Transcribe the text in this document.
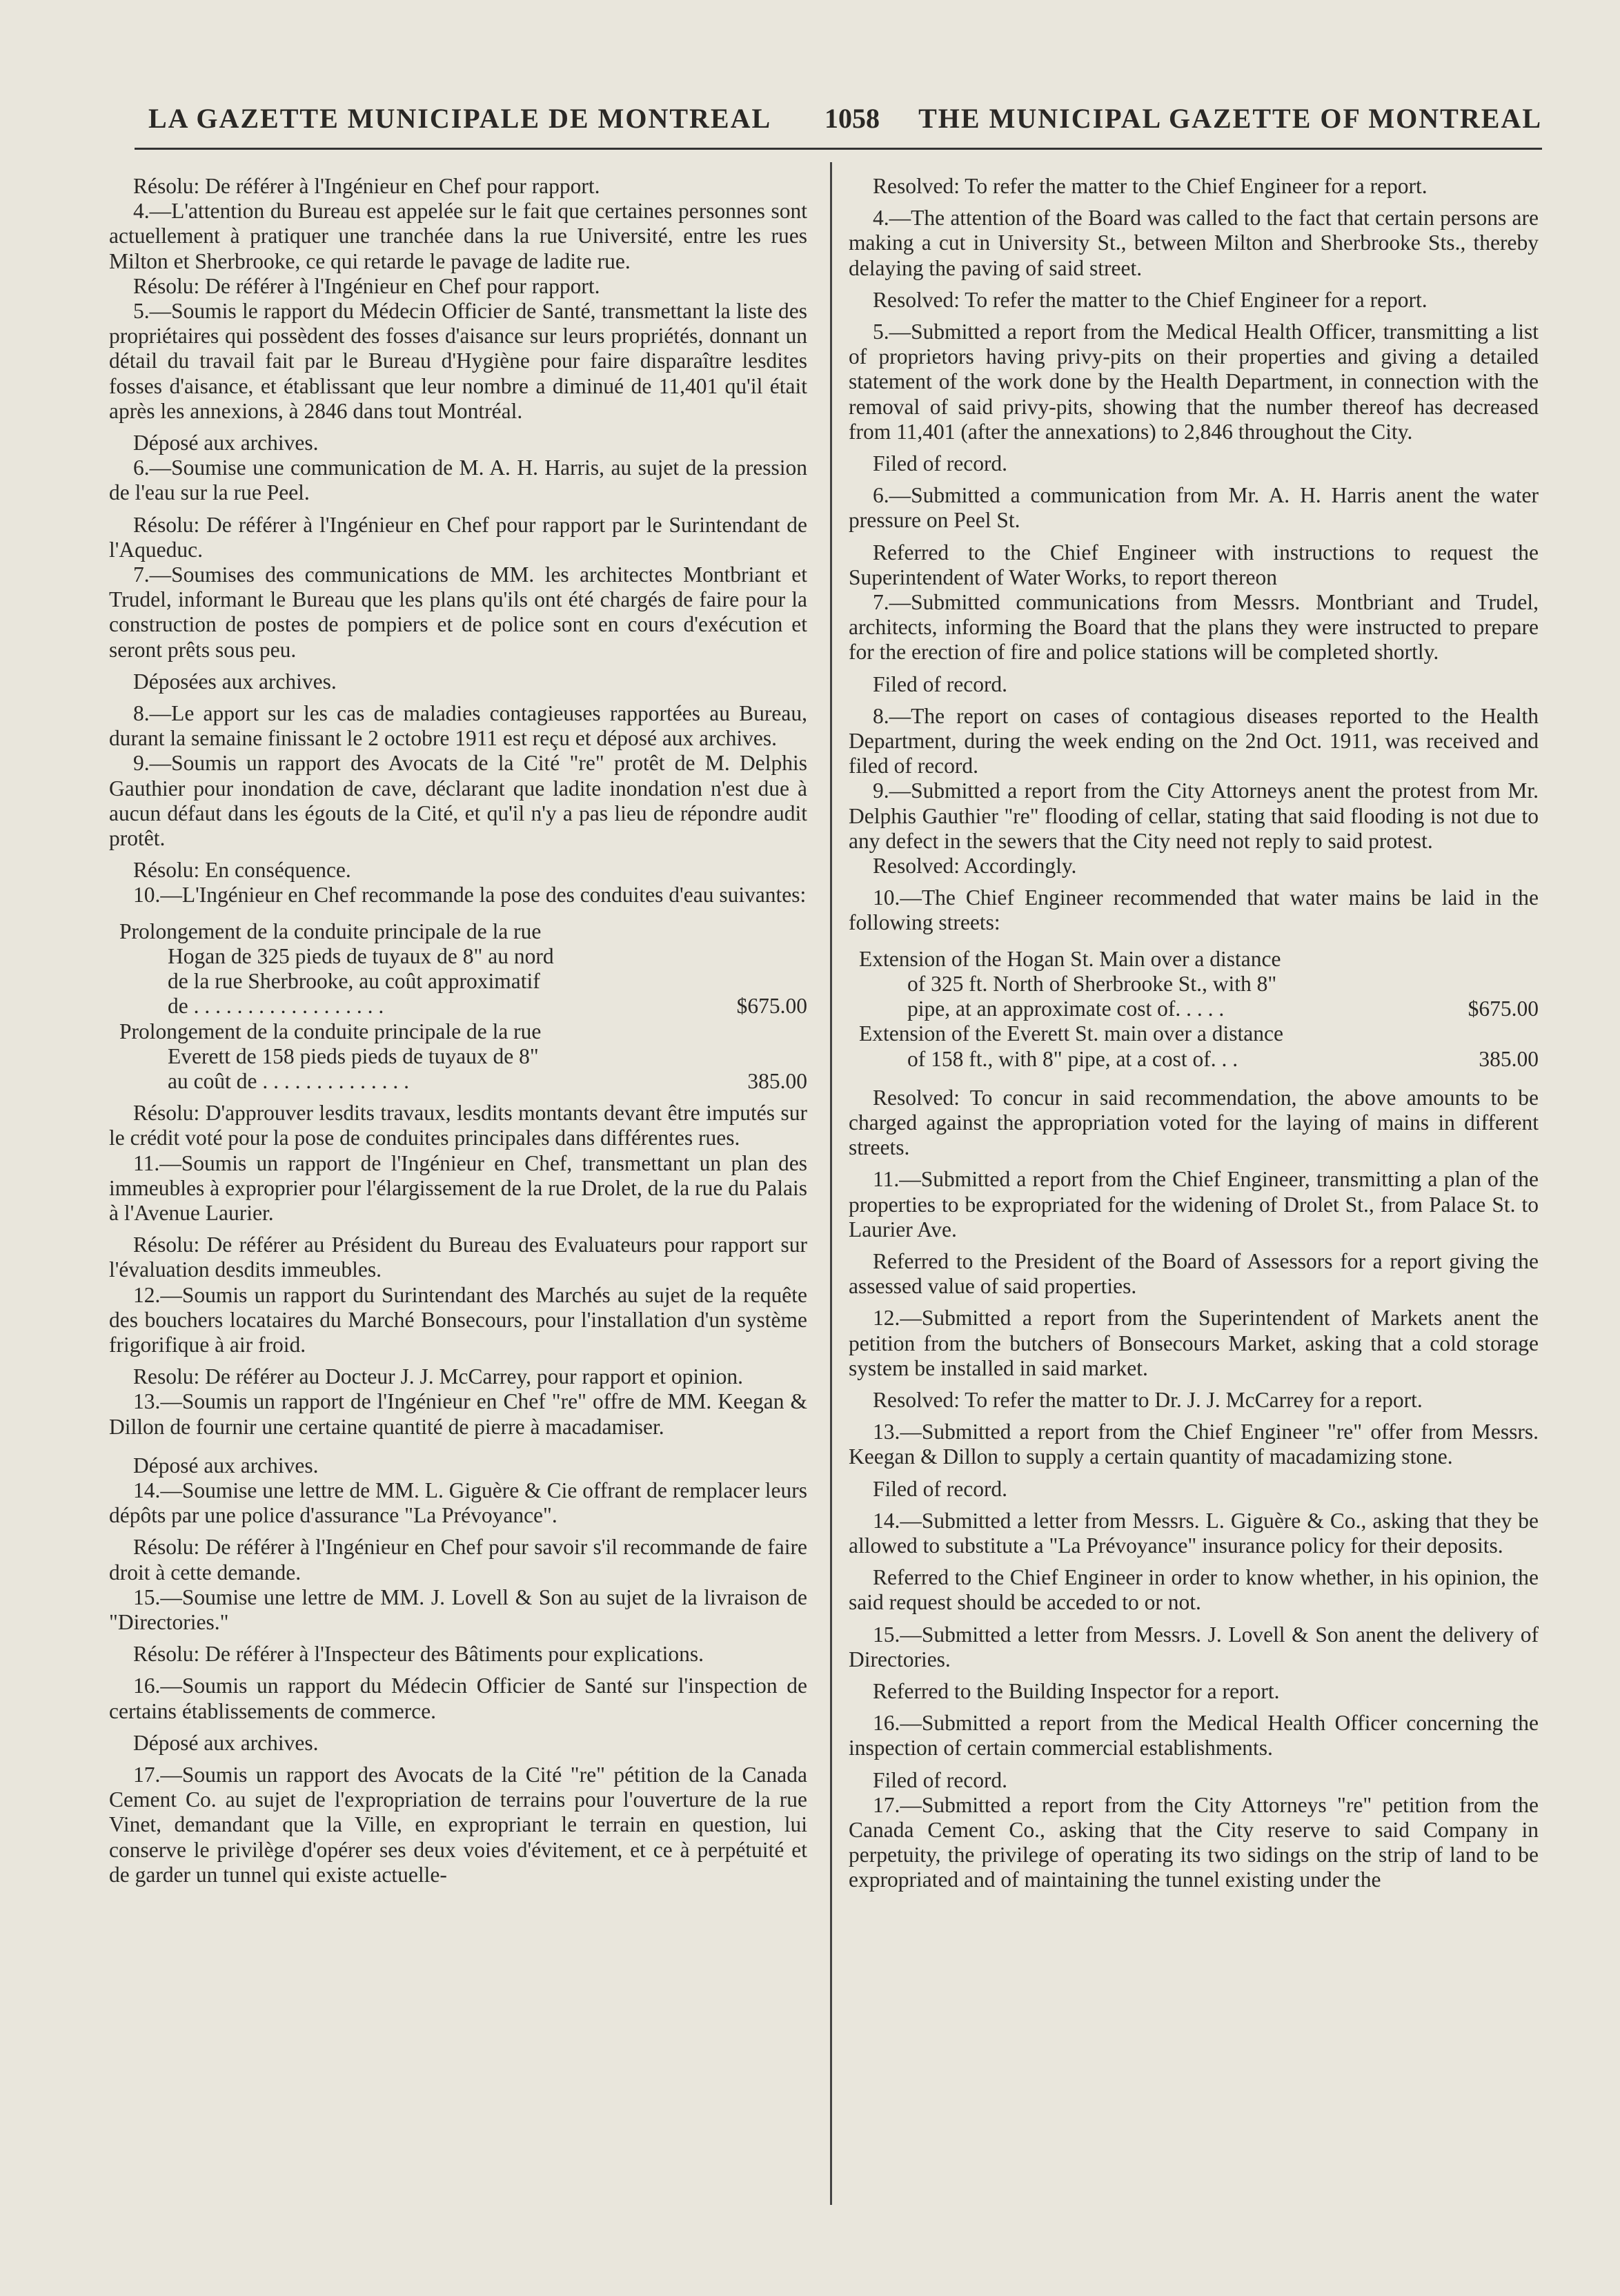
LA GAZETTE MUNICIPALE DE MONTREAL 1058 THE MUNICIPAL GAZETTE OF MONTREAL

Résolu: De référer à l'Ingénieur en Chef pour rapport.

4.—L'attention du Bureau est appelée sur le fait que certaines personnes sont actuellement à pratiquer une tranchée dans la rue Université, entre les rues Milton et Sherbrooke, ce qui retarde le pavage de ladite rue.

Résolu: De référer à l'Ingénieur en Chef pour rapport.

5.—Soumis le rapport du Médecin Officier de Santé, transmettant la liste des propriétaires qui possèdent des fosses d'aisance sur leurs propriétés, donnant un détail du travail fait par le Bureau d'Hygiène pour faire disparaître lesdites fosses d'aisance, et établissant que leur nombre a diminué de 11,401 qu'il était après les annexions, à 2846 dans tout Montréal.

Déposé aux archives.

6.—Soumise une communication de M. A. H. Harris, au sujet de la pression de l'eau sur la rue Peel.

Résolu: De référer à l'Ingénieur en Chef pour rapport par le Surintendant de l'Aqueduc.

7.—Soumises des communications de MM. les architectes Montbriant et Trudel, informant le Bureau que les plans qu'ils ont été chargés de faire pour la construction de postes de pompiers et de police sont en cours d'exécution et seront prêts sous peu.

Déposées aux archives.

8.—Le apport sur les cas de maladies contagieuses rapportées au Bureau, durant la semaine finissant le 2 octobre 1911 est reçu et déposé aux archives.

9.—Soumis un rapport des Avocats de la Cité "re" protêt de M. Delphis Gauthier pour inondation de cave, déclarant que ladite inondation n'est due à aucun défaut dans les égouts de la Cité, et qu'il n'y a pas lieu de répondre audit protêt.

Résolu: En conséquence.

10.—L'Ingénieur en Chef recommande la pose des conduites d'eau suivantes:

Prolongement de la conduite principale de la rue
Hogan de 325 pieds de tuyaux de 8" au nord
de la rue Sherbrooke, au coût approximatif
de . . . . . . . . . . . . . . . . . .	$675.00
Prolongement de la conduite principale de la rue
Everett de 158 pieds pieds de tuyaux de 8"
au coût de . . . . . . . . . . . . . .	385.00

Résolu: D'approuver lesdits travaux, lesdits montants devant être imputés sur le crédit voté pour la pose de conduites principales dans différentes rues.

11.—Soumis un rapport de l'Ingénieur en Chef, transmettant un plan des immeubles à exproprier pour l'élargissement de la rue Drolet, de la rue du Palais à l'Avenue Laurier.

Résolu: De référer au Président du Bureau des Evaluateurs pour rapport sur l'évaluation desdits immeubles.

12.—Soumis un rapport du Surintendant des Marchés au sujet de la requête des bouchers locataires du Marché Bonsecours, pour l'installation d'un système frigorifique à air froid.

Resolu: De référer au Docteur J. J. McCarrey, pour rapport et opinion.

13.—Soumis un rapport de l'Ingénieur en Chef "re" offre de MM. Keegan & Dillon de fournir une certaine quantité de pierre à macadamiser.

Déposé aux archives.

14.—Soumise une lettre de MM. L. Giguère & Cie offrant de remplacer leurs dépôts par une police d'assurance "La Prévoyance".

Résolu: De référer à l'Ingénieur en Chef pour savoir s'il recommande de faire droit à cette demande.

15.—Soumise une lettre de MM. J. Lovell & Son au sujet de la livraison de "Directories."

Résolu: De référer à l'Inspecteur des Bâtiments pour explications.

16.—Soumis un rapport du Médecin Officier de Santé sur l'inspection de certains établissements de commerce.

Déposé aux archives.

17.—Soumis un rapport des Avocats de la Cité "re" pétition de la Canada Cement Co. au sujet de l'expropriation de terrains pour l'ouverture de la rue Vinet, demandant que la Ville, en expropriant le terrain en question, lui conserve le privilège d'opérer ses deux voies d'évitement, et ce à perpétuité et de garder un tunnel qui existe actuelle-

Resolved: To refer the matter to the Chief Engineer for a report.

4.—The attention of the Board was called to the fact that certain persons are making a cut in University St., between Milton and Sherbrooke Sts., thereby delaying the paving of said street.

Resolved: To refer the matter to the Chief Engineer for a report.

5.—Submitted a report from the Medical Health Officer, transmitting a list of proprietors having privy-pits on their properties and giving a detailed statement of the work done by the Health Department, in connection with the removal of said privy-pits, showing that the number thereof has decreased from 11,401 (after the annexations) to 2,846 throughout the City.

Filed of record.

6.—Submitted a communication from Mr. A. H. Harris anent the water pressure on Peel St.

Referred to the Chief Engineer with instructions to request the Superintendent of Water Works, to report thereon

7.—Submitted communications from Messrs. Montbriant and Trudel, architects, informing the Board that the plans they were instructed to prepare for the erection of fire and police stations will be completed shortly.

Filed of record.

8.—The report on cases of contagious diseases reported to the Health Department, during the week ending on the 2nd Oct. 1911, was received and filed of record.

9.—Submitted a report from the City Attorneys anent the protest from Mr. Delphis Gauthier "re" flooding of cellar, stating that said flooding is not due to any defect in the sewers that the City need not reply to said protest.

Resolved: Accordingly.

10.—The Chief Engineer recommended that water mains be laid in the following streets:

Extension of the Hogan St. Main over a distance
of 325 ft. North of Sherbrooke St., with 8"
pipe, at an approximate cost of. . . . .	$675.00
Extension of the Everett St. main over a distance
of 158 ft., with 8" pipe, at a cost of. . .	385.00

Resolved: To concur in said recommendation, the above amounts to be charged against the appropriation voted for the laying of mains in different streets.

11.—Submitted a report from the Chief Engineer, transmitting a plan of the properties to be expropriated for the widening of Drolet St., from Palace St. to Laurier Ave.

Referred to the President of the Board of Assessors for a report giving the assessed value of said properties.

12.—Submitted a report from the Superintendent of Markets anent the petition from the butchers of Bonsecours Market, asking that a cold storage system be installed in said market.

Resolved: To refer the matter to Dr. J. J. McCarrey for a report.

13.—Submitted a report from the Chief Engineer "re" offer from Messrs. Keegan & Dillon to supply a certain quantity of macadamizing stone.

Filed of record.

14.—Submitted a letter from Messrs. L. Giguère & Co., asking that they be allowed to substitute a "La Prévoyance" insurance policy for their deposits.

Referred to the Chief Engineer in order to know whether, in his opinion, the said request should be acceded to or not.

15.—Submitted a letter from Messrs. J. Lovell & Son anent the delivery of Directories.

Referred to the Building Inspector for a report.

16.—Submitted a report from the Medical Health Officer concerning the inspection of certain commercial establishments.

Filed of record.

17.—Submitted a report from the City Attorneys "re" petition from the Canada Cement Co., asking that the City reserve to said Company in perpetuity, the privilege of operating its two sidings on the strip of land to be expropriated and of maintaining the tunnel existing under the
